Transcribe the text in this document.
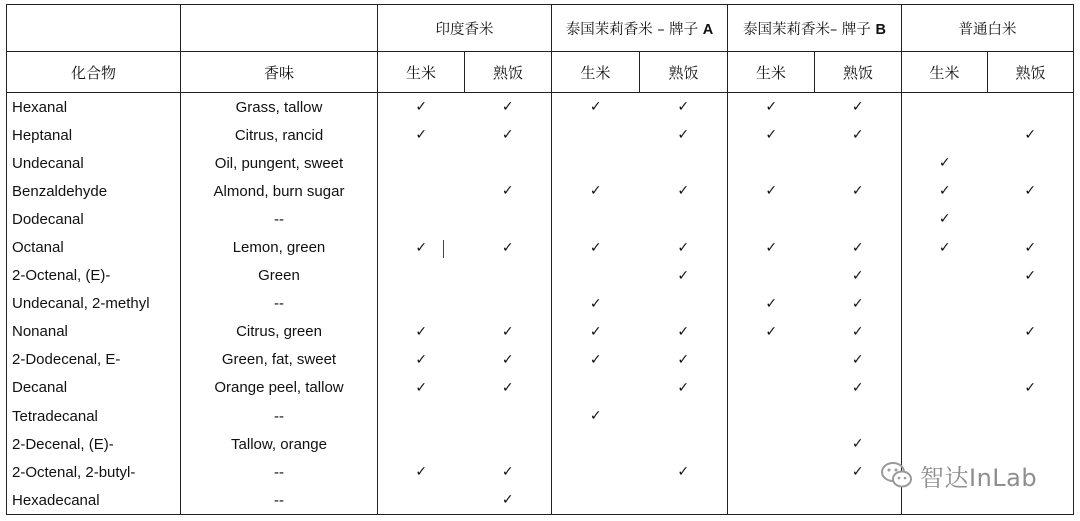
		印度香米		泰国茉莉香米 – 牌子 A		泰国茉莉香米– 牌子 B		普通白米	
化合物	香味	生米	熟饭	生米	熟饭	生米	熟饭	生米	熟饭
Hexanal	Grass, tallow	✓	✓	✓	✓	✓	✓		
Heptanal	Citrus, rancid	✓	✓		✓	✓	✓		✓
Undecanal	Oil, pungent, sweet							✓	
Benzaldehyde	Almond, burn sugar		✓	✓	✓	✓	✓	✓	✓
Dodecanal	--							✓	
Octanal	Lemon, green	✓	✓	✓	✓	✓	✓	✓	✓
2-Octenal, (E)-	Green				✓		✓		✓
Undecanal, 2-methyl	--			✓		✓	✓		
Nonanal	Citrus, green	✓	✓	✓	✓	✓	✓		✓
2-Dodecenal, E-	Green, fat, sweet	✓	✓	✓	✓		✓		
Decanal	Orange peel, tallow	✓	✓		✓		✓		✓
Tetradecanal	--			✓					
2-Decenal, (E)-	Tallow, orange						✓		
2-Octenal, 2-butyl-	--	✓	✓		✓		✓		
Hexadecanal	--		✓						
智达InLab
